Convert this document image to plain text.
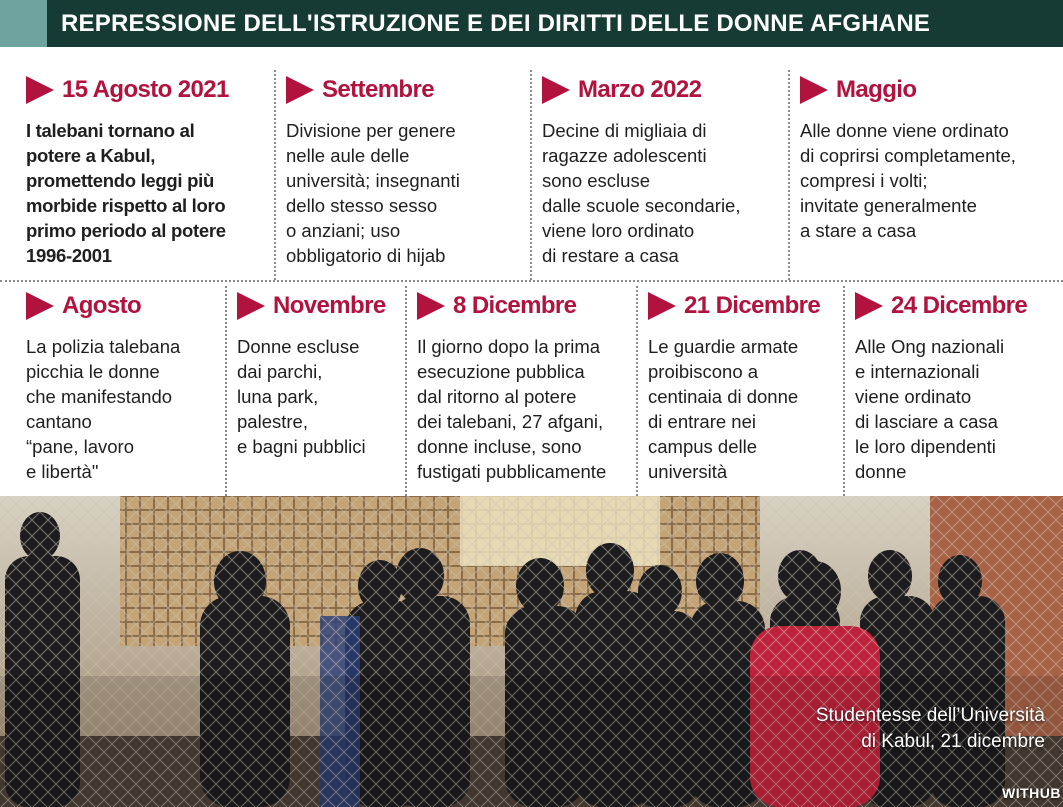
REPRESSIONE DELL'ISTRUZIONE E DEI DIRITTI DELLE DONNE AFGHANE
15 Agosto 2021
I talebani tornano al
potere a Kabul,
promettendo leggi più
morbide rispetto al loro
primo periodo al potere
1996-2001
Settembre
Divisione per genere
nelle aule delle
università; insegnanti
dello stesso sesso
o anziani; uso
obbligatorio di hijab
Marzo 2022
Decine di migliaia di
ragazze adolescenti
sono escluse
dalle scuole secondarie,
viene loro ordinato
di restare a casa
Maggio
Alle donne viene ordinato
di coprirsi completamente,
compresi i volti;
invitate generalmente
a stare a casa
Agosto
La polizia talebana
picchia le donne
che manifestando
cantano
“pane, lavoro
e libertà"
Novembre
Donne escluse
dai parchi,
luna park,
palestre,
e bagni pubblici
8 Dicembre
Il giorno dopo la prima
esecuzione pubblica
dal ritorno al potere
dei talebani, 27 afgani,
donne incluse, sono
fustigati pubblicamente
21 Dicembre
Le guardie armate
proibiscono a
centinaia di donne
di entrare nei
campus delle
università
24 Dicembre
Alle Ong nazionali
e internazionali
viene ordinato
di lasciare a casa
le loro dipendenti
donne
Studentesse dell’Università
di Kabul, 21 dicembre
WITHUB
